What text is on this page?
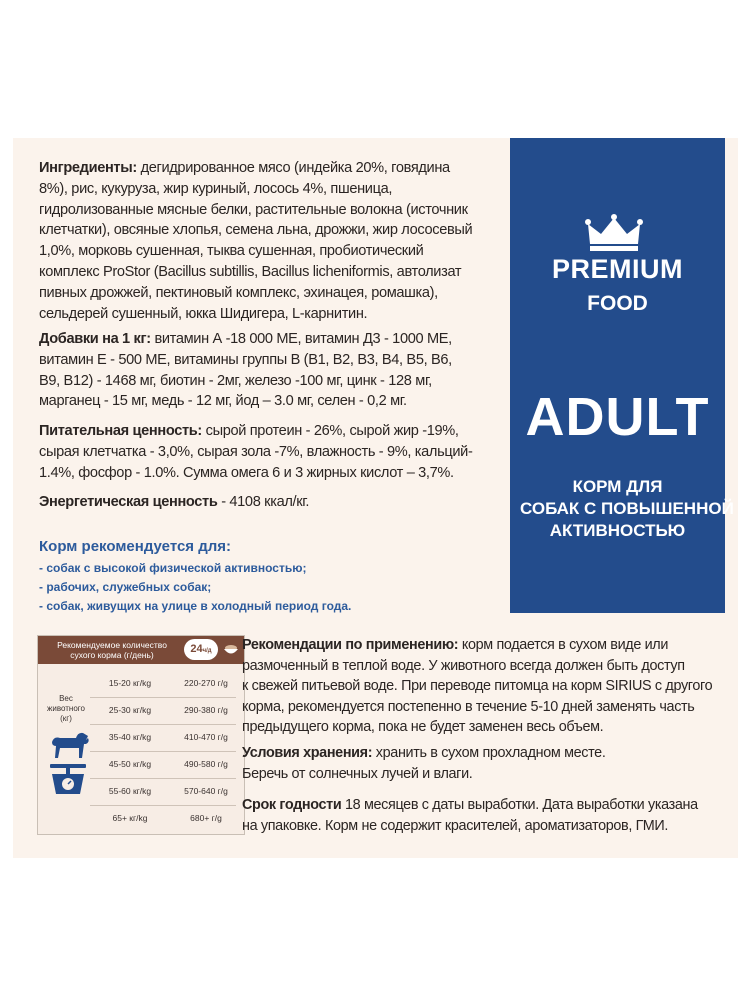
PREMIUM
FOOD
ADULT
КОРМ ДЛЯ
СОБАК С ПОВЫШЕННОЙ
АКТИВНОСТЬЮ
Ингредиенты: дегидрированное мясо (индейка 20%, говядина
8%), рис, кукуруза, жир куриный, лосось 4%, пшеница,
гидролизованные мясные белки, растительные волокна (источник
клетчатки), овсяные хлопья, семена льна, дрожжи, жир лососевый
1,0%, морковь сушенная, тыква сушенная, пробиотический
комплекс ProStor (Bacillus subtillis, Bacillus licheniformis, автолизат
пивных дрожжей, пектиновый комплекс, эхинацея, ромашка),
сельдерей сушенный, юкка Шидигера, L-карнитин.
Добавки на 1 кг: витамин А -18 000 МЕ, витамин Д3 - 1000 МЕ,
витамин Е - 500 МЕ, витамины группы В (В1, В2, В3, В4, В5, В6,
В9, В12) - 1468 мг, биотин - 2мг, железо -100 мг, цинк - 128 мг,
марганец - 15 мг, медь - 12 мг, йод – 3.0 мг, селен - 0,2 мг.
Питательная ценность: сырой протеин - 26%, сырой жир -19%,
сырая клетчатка - 3,0%, сырая зола -7%, влажность - 9%, кальций-
1.4%, фосфор - 1.0%. Сумма омега 6 и 3 жирных кислот – 3,7%.
Энергетическая ценность - 4108 ккал/кг.
Корм рекомендуется для:
- собак с высокой физической активностью;
- рабочих, служебных собак;
- собак, живущих на улице в холодный период года.
Рекомендуемое количество
сухого корма (г/день)	24ч/д
Вес
животного
(кг)
15-20 кг/kg	220-270 г/g
25-30 кг/kg	290-380 г/g
35-40 кг/kg	410-470 г/g
45-50 кг/kg	490-580 г/g
55-60 кг/kg	570-640 г/g
65+ кг/kg	680+ г/g
Рекомендации по применению: корм подается в сухом виде или
размоченный в теплой воде. У животного всегда должен быть доступ
к свежей питьевой воде. При переводе питомца на корм SIRIUS с другого
корма, рекомендуется постепенно в течение 5-10 дней заменять часть
предыдущего корма, пока не будет заменен весь объем.
Условия хранения: хранить в сухом прохладном месте.
Беречь от солнечных лучей и влаги.
Срок годности 18 месяцев с даты выработки. Дата выработки указана
на упаковке. Корм не содержит красителей, ароматизаторов, ГМИ.
